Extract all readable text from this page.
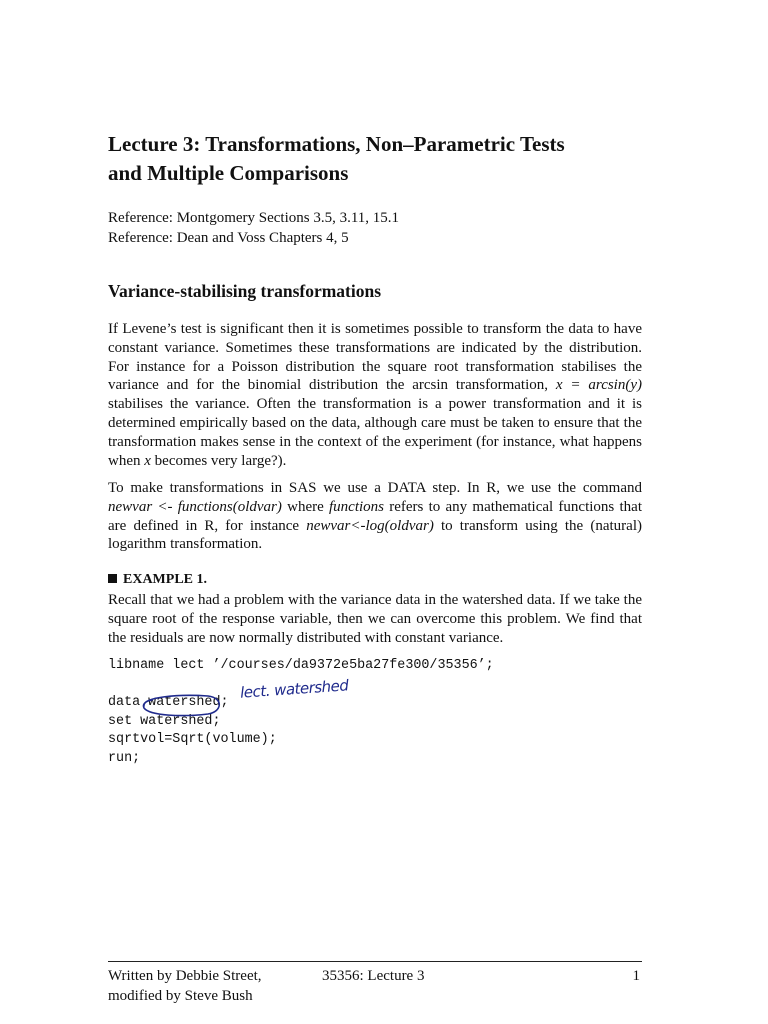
Lecture 3: Transformations, Non–Parametric Tests
and Multiple Comparisons
Reference: Montgomery Sections 3.5, 3.11, 15.1
Reference: Dean and Voss Chapters 4, 5
Variance-stabilising transformations

If Levene’s test is significant then it is sometimes possible to transform the data to have constant variance. Sometimes these transformations are indicated by the distribution. For instance for a Poisson distribution the square root transformation stabilises the variance and for the binomial distribution the arcsin transformation, x = arcsin(y) stabilises the variance. Often the transformation is a power transformation and it is determined empirically based on the data, although care must be taken to ensure that the transformation makes sense in the context of the experiment (for instance, what happens when x becomes very large?).

To make transformations in SAS we use a DATA step. In R, we use the command newvar <- functions(oldvar) where functions refers to any mathematical functions that are defined in R, for instance newvar<-log(oldvar) to transform using the (natural) logarithm transformation.

EXAMPLE 1.

Recall that we had a problem with the variance data in the watershed data. If we take the square root of the response variable, then we can overcome this problem. We find that the residuals are now normally distributed with constant variance.

libname lect ’/courses/da9372e5ba27fe300/35356’;
data watershed;
set watershed;
sqrtvol=Sqrt(volume);
run;
lect. watershed
Written by Debbie Street,
modified by Steve Bush
35356: Lecture 3	1
